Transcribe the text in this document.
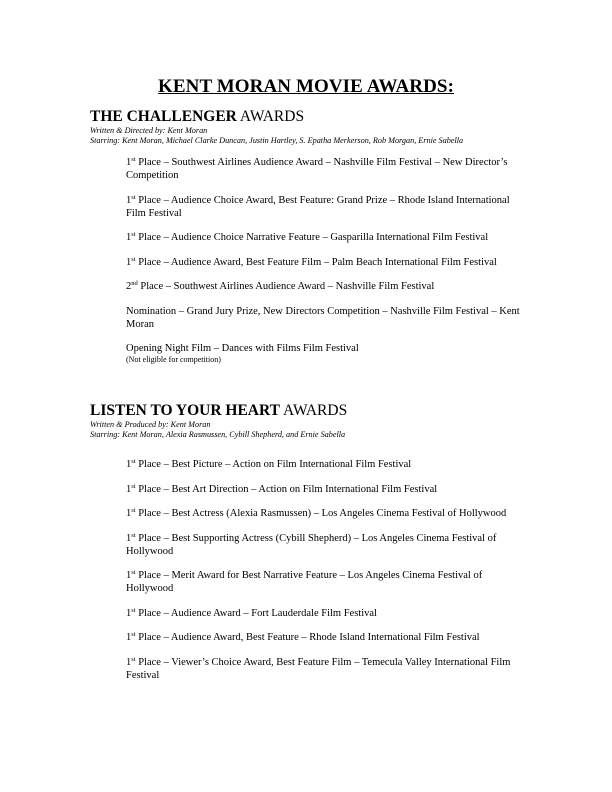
KENT MORAN MOVIE AWARDS:
THE CHALLENGER AWARDS
Written & Directed by: Kent Moran
Starring: Kent Moran, Michael Clarke Duncan, Justin Hartley, S. Epatha Merkerson, Rob Morgan, Ernie Sabella
1st Place – Southwest Airlines Audience Award – Nashville Film Festival – New Director’s Competition
1st Place – Audience Choice Award, Best Feature: Grand Prize – Rhode Island International Film Festival
1st Place – Audience Choice Narrative Feature – Gasparilla International Film Festival
1st Place – Audience Award, Best Feature Film – Palm Beach International Film Festival
2nd Place – Southwest Airlines Audience Award – Nashville Film Festival
Nomination – Grand Jury Prize, New Directors Competition – Nashville Film Festival – Kent Moran
Opening Night Film – Dances with Films Film Festival
(Not eligible for competition)
LISTEN TO YOUR HEART AWARDS
Written & Produced by: Kent Moran
Starring: Kent Moran, Alexia Rasmussen, Cybill Shepherd, and Ernie Sabella
1st Place – Best Picture – Action on Film International Film Festival
1st Place – Best Art Direction – Action on Film International Film Festival
1st Place – Best Actress (Alexia Rasmussen) – Los Angeles Cinema Festival of Hollywood
1st Place – Best Supporting Actress (Cybill Shepherd) – Los Angeles Cinema Festival of Hollywood
1st Place – Merit Award for Best Narrative Feature – Los Angeles Cinema Festival of Hollywood
1st Place – Audience Award – Fort Lauderdale Film Festival
1st Place – Audience Award, Best Feature – Rhode Island International Film Festival
1st Place – Viewer’s Choice Award, Best Feature Film – Temecula Valley International Film Festival
